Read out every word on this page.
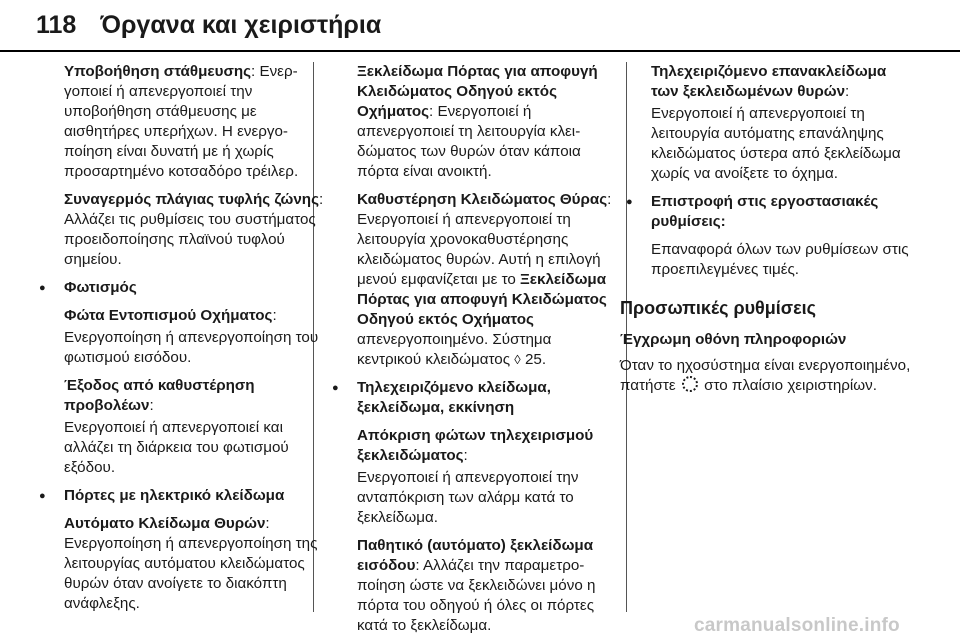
118 Όργανα και χειριστήρια

Υποβοήθηση στάθμευσης: Ενεργοποιεί ή απενεργοποιεί την υποβοήθηση στάθμευσης με αισθητήρες υπερήχων. Η ενεργοποίηση είναι δυνατή με ή χωρίς προσαρτημένο κοτσαδόρο τρέιλερ.

Συναγερμός πλάγιας τυφλής ζώνης: Αλλάζει τις ρυθμίσεις του συστήματος προειδοποίησης πλαϊνού τυφλού σημείου.

● Φωτισμός

Φώτα Εντοπισμού Οχήματος:

Ενεργοποίηση ή απενεργοποίηση του φωτισμού εισόδου.

Έξοδος από καθυστέρηση προβολέων:

Ενεργοποιεί ή απενεργοποιεί και αλλάζει τη διάρκεια του φωτισμού εξόδου.

● Πόρτες με ηλεκτρικό κλείδωμα

Αυτόματο Κλείδωμα Θυρών: Ενεργοποίηση ή απενεργοποίηση της λειτουργίας αυτόματου κλειδώματος θυρών όταν ανοίγετε το διακόπτη ανάφλεξης.

Ξεκλείδωμα Πόρτας για αποφυγή Κλειδώματος Οδηγού εκτός Οχήματος: Ενεργοποιεί ή απενεργοποιεί τη λειτουργία κλειδώματος των θυρών όταν κάποια πόρτα είναι ανοικτή.

Καθυστέρηση Κλειδώματος Θύρας: Ενεργοποιεί ή απενεργοποιεί τη λειτουργία χρονοκαθυστέρησης κλειδώματος θυρών. Αυτή η επιλογή μενού εμφανίζεται με το Ξεκλείδωμα Πόρτας για αποφυγή Κλειδώματος Οδηγού εκτός Οχήματος απενεργοποιημένο. Σύστημα κεντρικού κλειδώματος ◊ 25.

● Τηλεχειριζόμενο κλείδωμα, ξεκλείδωμα, εκκίνηση

Απόκριση φώτων τηλεχειρισμού ξεκλειδώματος:

Ενεργοποιεί ή απενεργοποιεί την ανταπόκριση των αλάρμ κατά το ξεκλείδωμα.

Παθητικό (αυτόματο) ξεκλείδωμα εισόδου: Αλλάζει την παραμετροποίηση ώστε να ξεκλειδώνει μόνο η πόρτα του οδηγού ή όλες οι πόρτες κατά το ξεκλείδωμα.

Τηλεχειριζόμενο επανακλείδωμα των ξεκλειδωμένων θυρών:

Ενεργοποιεί ή απενεργοποιεί τη λειτουργία αυτόματης επανάληψης κλειδώματος ύστερα από ξεκλείδωμα χωρίς να ανοίξετε το όχημα.

● Επιστροφή στις εργοστασιακές ρυθμίσεις:

Επαναφορά όλων των ρυθμίσεων στις προεπιλεγμένες τιμές.

Προσωπικές ρυθμίσεις
Έγχρωμη οθόνη πληροφοριών

Όταν το ηχοσύστημα είναι ενεργοποιημένο, πατήστε  στο πλαίσιο χειριστηρίων.

carmanualsonline.info
